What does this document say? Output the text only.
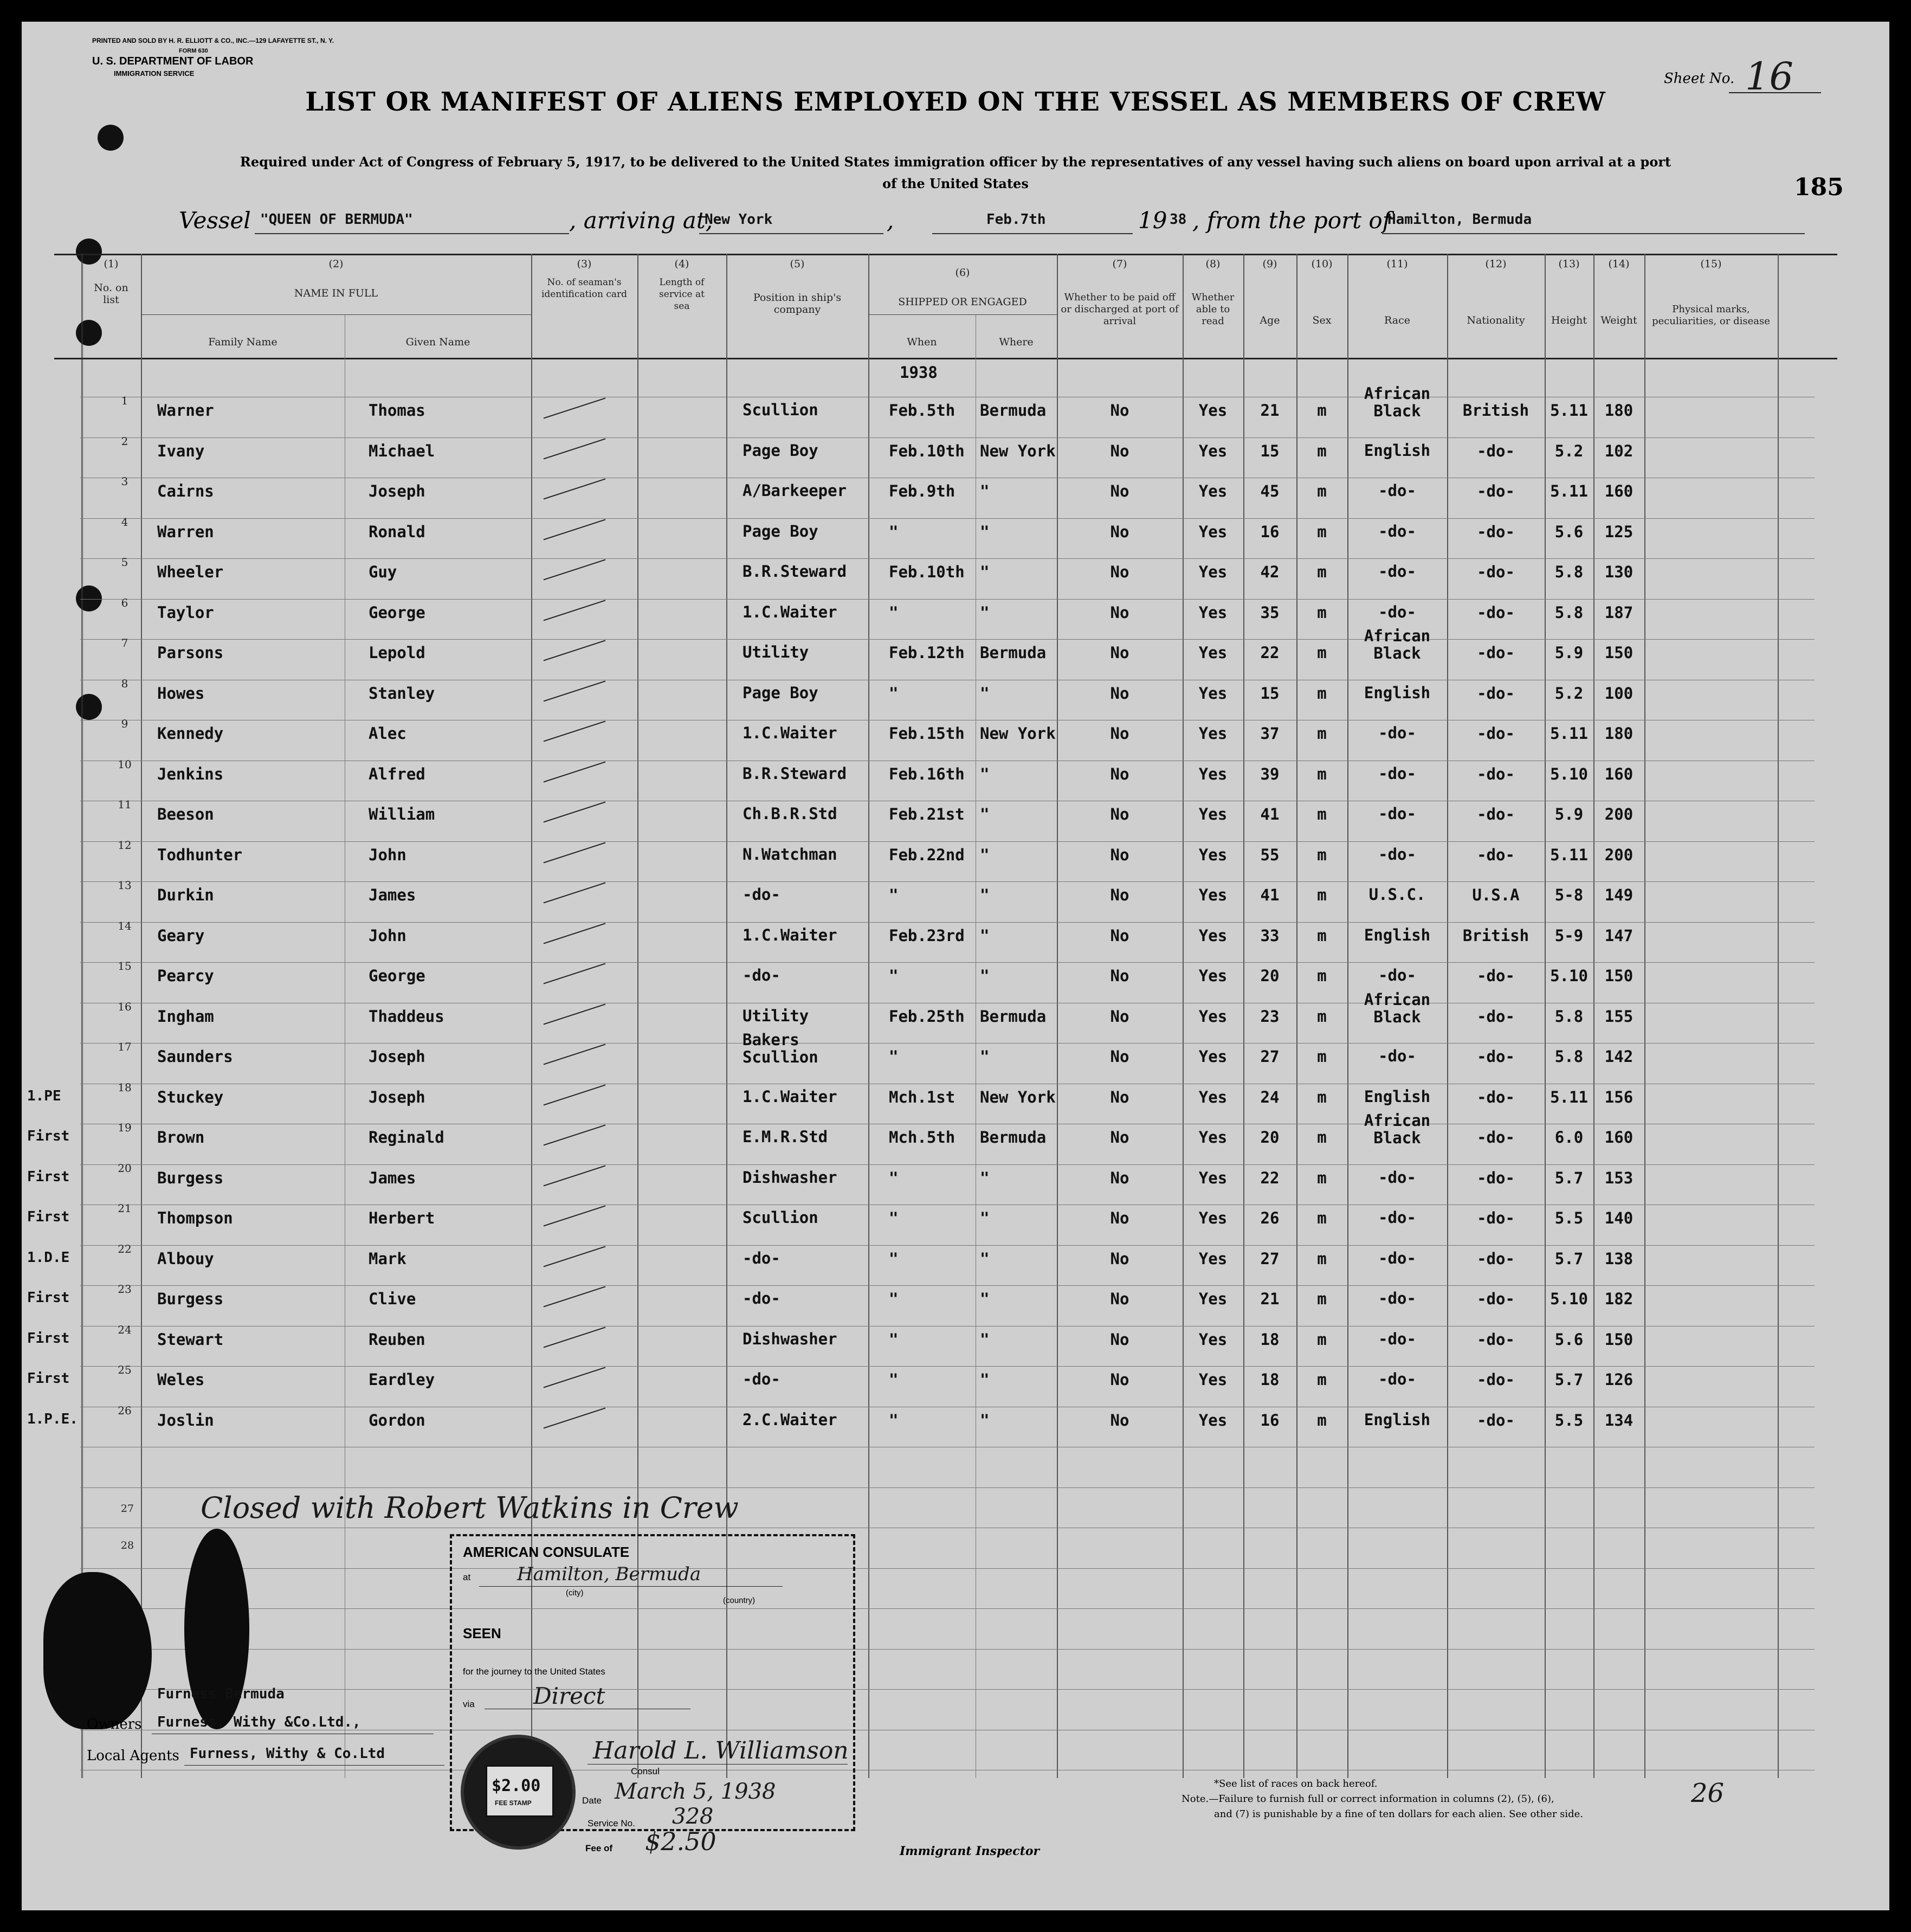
PRINTED AND SOLD BY H. R. ELLIOTT & CO., INC.—129 LAFAYETTE ST., N. Y.
FORM 630
U. S. DEPARTMENT OF LABOR
IMMIGRATION SERVICE
LIST OR MANIFEST OF ALIENS EMPLOYED ON THE VESSEL AS MEMBERS OF CREW
Sheet No. 16
Required under Act of Congress of February 5, 1917, to be delivered to the United States immigration officer by the representatives of any vessel having such aliens on board upon arrival at a port
of the United States	185
Vessel "QUEEN OF BERMUDA"	, arriving at,
New York	,	Feb.7th	19 38 , from the port of
Hamilton, Bermuda
(1)
No. on list
(2)
NAME IN FULL
Family Name	Given Name
(3)
No. of seaman's identification card
(4)
Length of service at sea
(5)
Position in ship's company
(6)
SHIPPED OR ENGAGED
When	Where
(7)
Whether to be paid off or discharged at port of arrival
(8)
Whether able to read
(9)
Age
(10)
Sex
(11)
Race
(12)
Nationality
(13)
Height
(14)
Weight
(15)
Physical marks, peculiarities, or disease
1938
1
Warner	Thomas	Scullion	Feb.5th	Bermuda	No	Yes	21	m
African Black	British	5.11	180
2
Ivany	Michael	Page Boy	Feb.10th New York	No	Yes	15	m	English	-do-	5.2	102
3
Cairns	Joseph	A/Barkeeper	Feb.9th	"	No	Yes	45	m	-do-	-do-	5.11	160
4
Warren	Ronald	Page Boy	"	"	No	Yes	16	m	-do-	-do-	5.6	125
5
Wheeler	Guy	B.R.Steward	Feb.10th "	No	Yes	42	m	-do-	-do-	5.8	130
6
Taylor	George	1.C.Waiter	"	"	No	Yes	35	m	-do-	-do-	5.8	187
7
Parsons	Lepold	Utility	Feb.12th Bermuda	No	Yes	22	m
African Black	-do-	5.9	150
8
Howes	Stanley	Page Boy	"	"	No	Yes	15	m	English	-do-	5.2	100
9
Kennedy	Alec	1.C.Waiter	Feb.15th New York	No	Yes	37	m	-do-	-do-	5.11	180
10
Jenkins	Alfred	B.R.Steward	Feb.16th "	No	Yes	39	m	-do-	-do-	5.10	160
11
Beeson	William	Ch.B.R.Std	Feb.21st "	No	Yes	41	m	-do-	-do-	5.9	200
12
Todhunter	John	N.Watchman	Feb.22nd "	No	Yes	55	m	-do-	-do-	5.11	200
13
Durkin	James	-do-	"	"	No	Yes	41	m	U.S.C.	U.S.A	5-8	149
14
Geary	John	1.C.Waiter	Feb.23rd "	No	Yes	33	m	English	British	5-9	147
15
Pearcy	George	-do-	"	"	No	Yes	20	m	-do-	-do-	5.10	150
16
Ingham	Thaddeus	Utility	Feb.25th Bermuda	No	Yes	23	m
African Black	-do-	5.8	155
17
Saunders	Joseph
Bakers Scullion	"	"	No	Yes	27	m	-do-	-do-	5.8	142
18
1.PE	Stuckey	Joseph	1.C.Waiter	Mch.1st	New York	No	Yes	24	m	English	-do-	5.11	156
19
First	Brown	Reginald	E.M.R.Std	Mch.5th	Bermuda	No	Yes	20	m
African Black	-do-	6.0	160
20
First	Burgess	James	Dishwasher	"	"	No	Yes	22	m	-do-	-do-	5.7	153
21
First	Thompson	Herbert	Scullion	"	"	No	Yes	26	m	-do-	-do-	5.5	140
22
1.D.E	Albouy	Mark	-do-	"	"	No	Yes	27	m	-do-	-do-	5.7	138
23
First	Burgess	Clive	-do-	"	"	No	Yes	21	m	-do-	-do-	5.10	182
24
First	Stewart	Reuben	Dishwasher	"	"	No	Yes	18	m	-do-	-do-	5.6	150
25
First	Weles	Eardley	-do-	"	"	No	Yes	18	m	-do-	-do-	5.7	126
26
1.P.E.	Joslin	Gordon	2.C.Waiter	"	"	No	Yes	16	m	English	-do-	5.5	134
27
28
Closed with Robert Watkins in Crew
AMERICAN CONSULATE
at	Hamilton, Bermuda
(city)
(country)
SEEN
for the journey to the United States
via	Direct
Harold L. Williamson
Consul
Date March 5, 1938
Service No. 328
Fee of $2.50
$2.00
FEE STAMP
Furness Bermuda
Owners Furness, Withy &Co.Ltd.,
Local Agents Furness, Withy & Co.Ltd
Immigrant Inspector
*See list of races on back hereof.
Note.—Failure to furnish full or correct information in columns (2), (5), (6),
and (7) is punishable by a fine of ten dollars for each alien. See other side.
26
